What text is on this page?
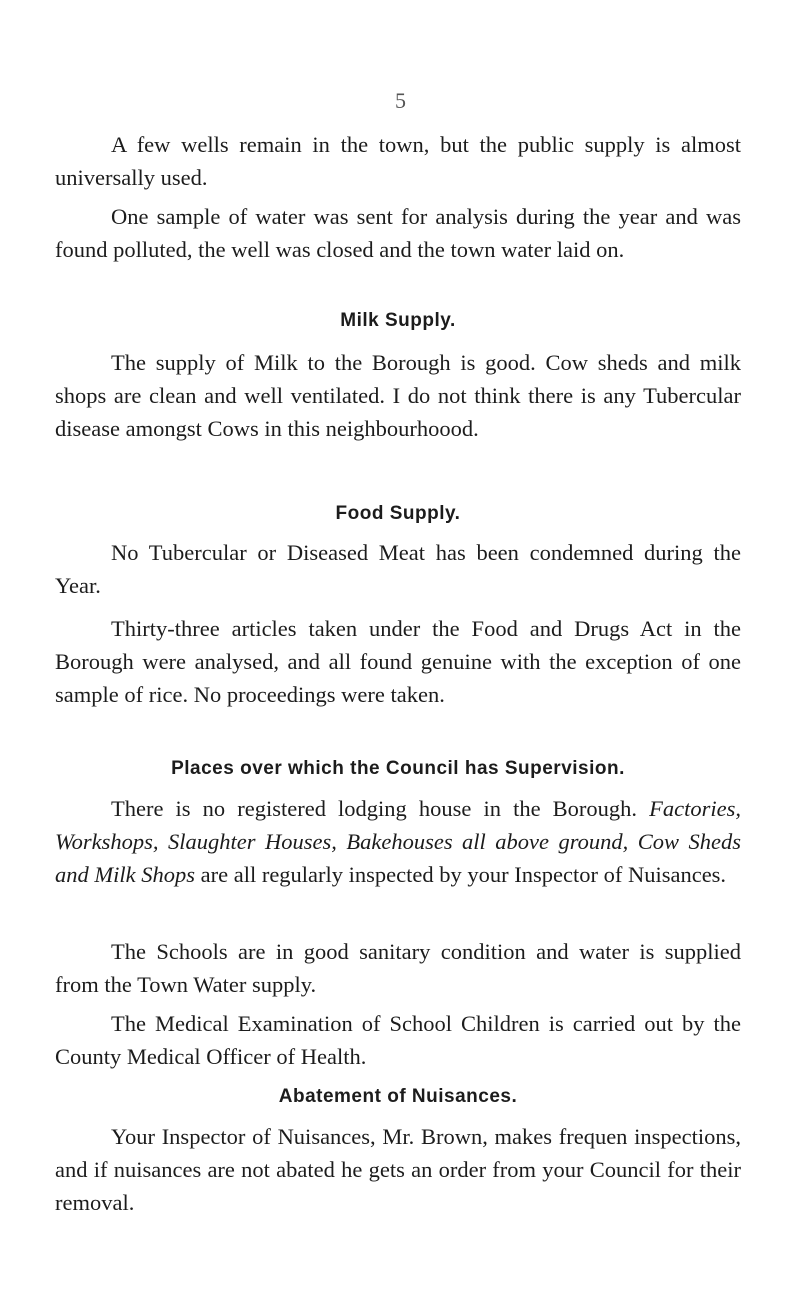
5

A few wells remain in the town, but the public supply is almost universally used.

One sample of water was sent for analysis during the year and was found polluted, the well was closed and the town water laid on.

Milk Supply.

The supply of Milk to the Borough is good. Cow sheds and milk shops are clean and well ventilated. I do not think there is any Tubercular disease amongst Cows in this neighbourhoood.

Food Supply.

No Tubercular or Diseased Meat has been condemned during the Year.

Thirty-three articles taken under the Food and Drugs Act in the Borough were analysed, and all found genuine with the exception of one sample of rice. No proceedings were taken.

Places over which the Council has Supervision.

There is no registered lodging house in the Borough. Factories, Workshops, Slaughter Houses, Bakehouses all above ground, Cow Sheds and Milk Shops are all regularly inspected by your Inspector of Nuisances.

The Schools are in good sanitary condition and water is supplied from the Town Water supply.

The Medical Examination of School Children is carried out by the County Medical Officer of Health.

Abatement of Nuisances.

Your Inspector of Nuisances, Mr. Brown, makes frequen inspections, and if nuisances are not abated he gets an order from your Council for their removal.
